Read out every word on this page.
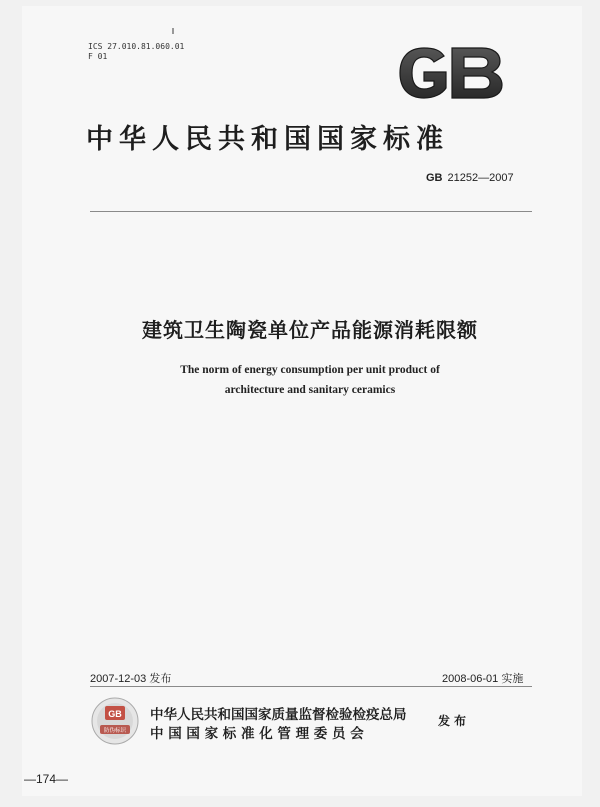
ICS 27.010.81.060.01
F 01
GB
中华人民共和国国家标准
GB 21252—2007
建筑卫生陶瓷单位产品能源消耗限额
The norm of energy consumption per unit product of
architecture and sanitary ceramics
2007-12-03 发布	2008-06-01 实施
GB
防伪标识
中华人民共和国国家质量监督检验检疫总局
中 国 国 家 标 准 化 管 理 委 员 会
发布
—174—
